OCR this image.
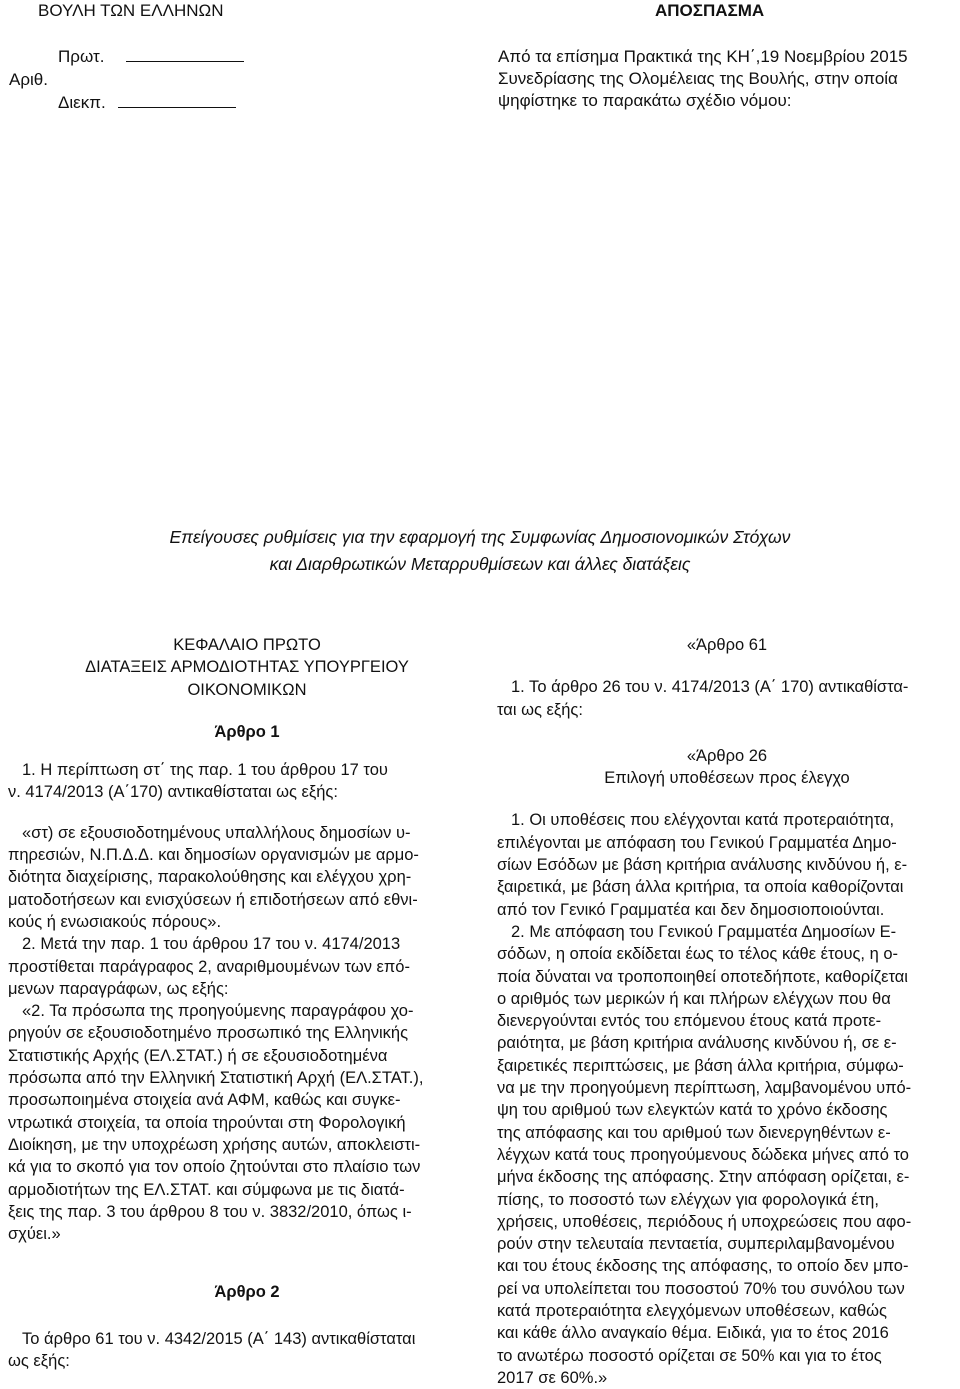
ΒΟΥΛΗ ΤΩΝ ΕΛΛΗΝΩΝ	ΑΠΟΣΠΑΣΜΑ
Πρωτ.
Αριθ.
Διεκπ.
Από τα επίσημα Πρακτικά της ΚΗ΄,19 Νοεμβρίου 2015
Συνεδρίασης της Ολομέλειας της Βουλής, στην οποία
ψηφίστηκε το παρακάτω σχέδιο νόμου:
Επείγουσες ρυθμίσεις για την εφαρμογή της Συμφωνίας Δημοσιονομικών Στόχων
και Διαρθρωτικών Μεταρρυθμίσεων και άλλες διατάξεις

ΚΕΦΑΛΑΙΟ ΠΡΩΤΟ

ΔΙΑΤΑΞΕΙΣ ΑΡΜΟΔΙΟΤΗΤΑΣ ΥΠΟΥΡΓΕΙΟΥ

ΟΙΚΟΝΟΜΙΚΩΝ

Άρθρο 1

1. Η περίπτωση στ΄ της παρ. 1 του άρθρου 17 του

ν. 4174/2013 (Α΄170) αντικαθίσταται ως εξής:

«στ) σε εξουσιοδοτημένους υπαλλήλους δημοσίων υ-

πηρεσιών, Ν.Π.Δ.Δ. και δημοσίων οργανισμών με αρμο-

διότητα διαχείρισης, παρακολούθησης και ελέγχου χρη-

ματοδοτήσεων και ενισχύσεων ή επιδοτήσεων από εθνι-

κούς ή ενωσιακούς πόρους».

2. Μετά την παρ. 1 του άρθρου 17 του ν. 4174/2013

προστίθεται παράγραφος 2, αναριθμουμένων των επό-

μενων παραγράφων, ως εξής:

«2. Τα πρόσωπα της προηγούμενης παραγράφου χο-

ρηγούν σε εξουσιοδοτημένο προσωπικό της Ελληνικής

Στατιστικής Αρχής (ΕΛ.ΣΤΑΤ.) ή σε εξουσιοδοτημένα

πρόσωπα από την Ελληνική Στατιστική Αρχή (ΕΛ.ΣΤΑΤ.),

προσωποιημένα στοιχεία ανά ΑΦΜ, καθώς και συγκε-

ντρωτικά στοιχεία, τα οποία τηρούνται στη Φορολογική

Διοίκηση, με την υποχρέωση χρήσης αυτών, αποκλειστι-

κά για το σκοπό για τον οποίο ζητούνται στο πλαίσιο των

αρμοδιοτήτων της ΕΛ.ΣΤΑΤ. και σύμφωνα με τις διατά-

ξεις της παρ. 3 του άρθρου 8 του ν. 3832/2010, όπως ι-

σχύει.»

Άρθρο 2

Το άρθρο 61 του ν. 4342/2015 (Α΄ 143) αντικαθίσταται

ως εξής:

«Άρθρο 61

1. Το άρθρο 26 του ν. 4174/2013 (Α΄ 170) αντικαθίστα-

ται ως εξής:

«Άρθρο 26

Επιλογή υποθέσεων προς έλεγχο

1. Οι υποθέσεις που ελέγχονται κατά προτεραιότητα,

επιλέγονται με απόφαση του Γενικού Γραμματέα Δημο-

σίων Εσόδων με βάση κριτήρια ανάλυσης κινδύνου ή, ε-

ξαιρετικά, με βάση άλλα κριτήρια, τα οποία καθορίζονται

από τον Γενικό Γραμματέα και δεν δημοσιοποιούνται.

2. Με απόφαση του Γενικού Γραμματέα Δημοσίων Ε-

σόδων, η οποία εκδίδεται έως το τέλος κάθε έτους, η ο-

ποία δύναται να τροποποιηθεί οποτεδήποτε, καθορίζεται

ο αριθμός των μερικών ή και πλήρων ελέγχων που θα

διενεργούνται εντός του επόμενου έτους κατά προτε-

ραιότητα, με βάση κριτήρια ανάλυσης κινδύνου ή, σε ε-

ξαιρετικές περιπτώσεις, με βάση άλλα κριτήρια, σύμφω-

να με την προηγούμενη περίπτωση, λαμβανομένου υπό-

ψη του αριθμού των ελεγκτών κατά το χρόνο έκδοσης

της απόφασης και του αριθμού των διενεργηθέντων ε-

λέγχων κατά τους προηγούμενους δώδεκα μήνες από το

μήνα έκδοσης της απόφασης. Στην απόφαση ορίζεται, ε-

πίσης, το ποσοστό των ελέγχων για φορολογικά έτη,

χρήσεις, υποθέσεις, περιόδους ή υποχρεώσεις που αφο-

ρούν στην τελευταία πενταετία, συμπεριλαμβανομένου

και του έτους έκδοσης της απόφασης, το οποίο δεν μπο-

ρεί να υπολείπεται του ποσοστού 70% του συνόλου των

κατά προτεραιότητα ελεγχόμενων υποθέσεων, καθώς

και κάθε άλλο αναγκαίο θέμα. Ειδικά, για το έτος 2016

το ανωτέρω ποσοστό ορίζεται σε 50% και για το έτος

2017 σε 60%.»
